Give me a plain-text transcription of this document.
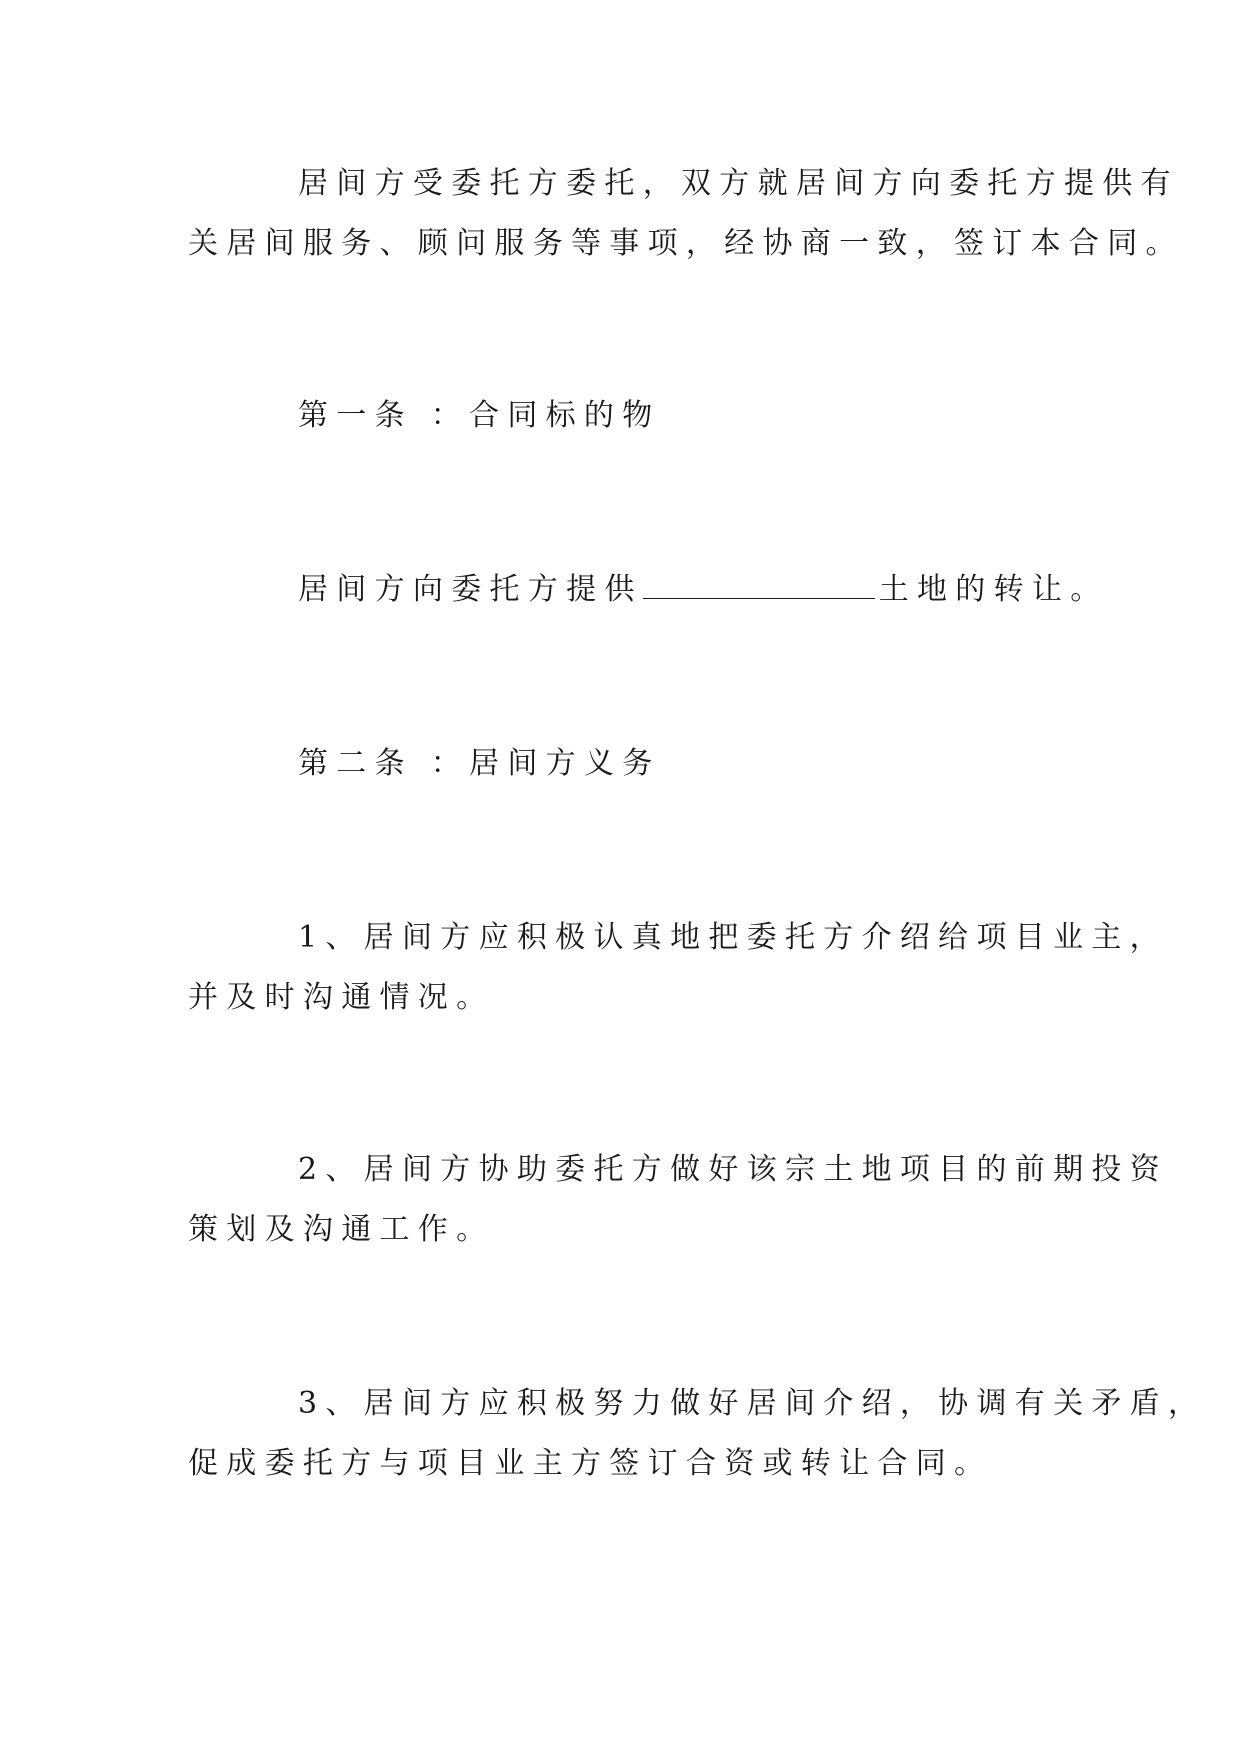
居间方受委托方委托，双方就居间方向委托方提供有
关居间服务、顾问服务等事项，经协商一致，签订本合同。
第一条 ：合同标的物
居间方向委托方提供	土地的转让。
第二条 ：居间方义务
1、居间方应积极认真地把委托方介绍给项目业主，
并及时沟通情况。
2、居间方协助委托方做好该宗土地项目的前期投资
策划及沟通工作。
3、居间方应积极努力做好居间介绍，协调有关矛盾，
促成委托方与项目业主方签订合资或转让合同。
